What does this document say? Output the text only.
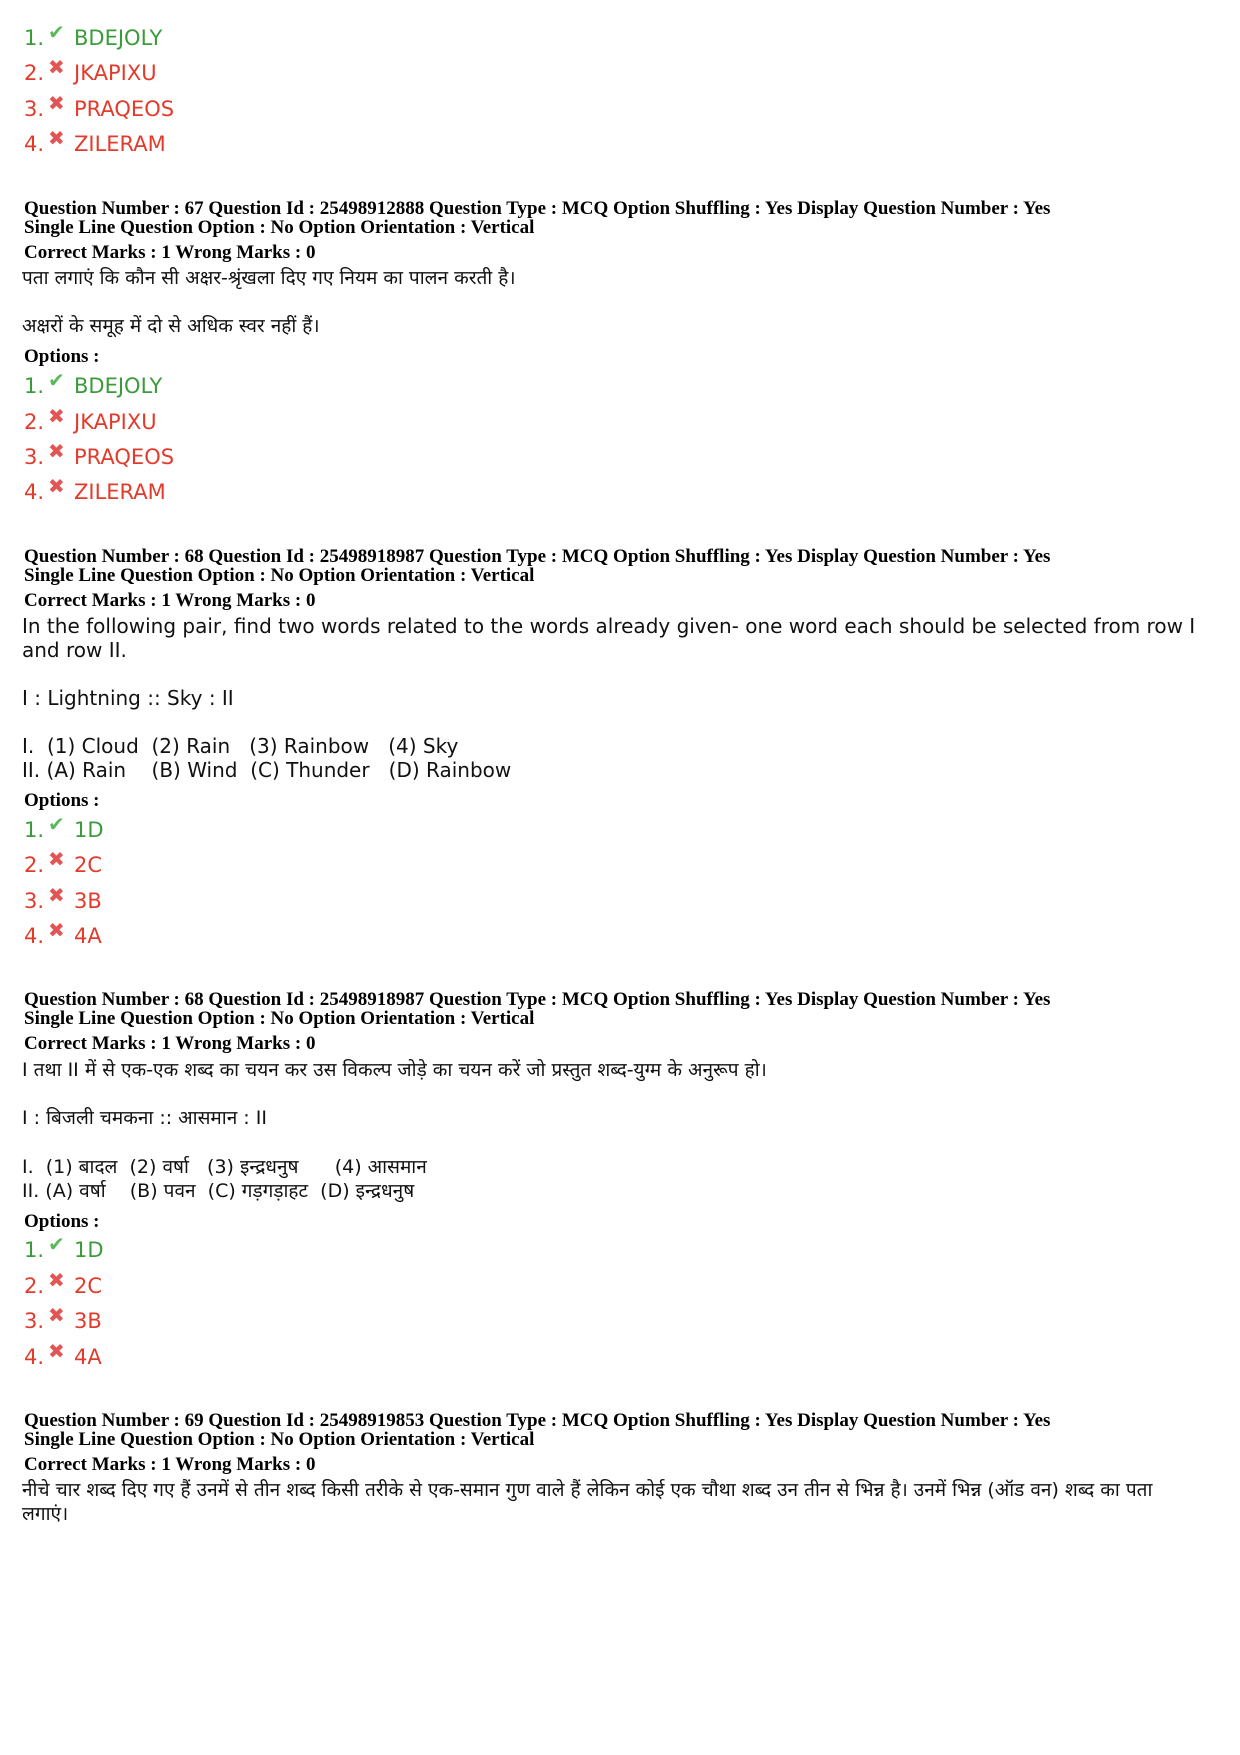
1. ✔ BDEJOLY
2. ✖ JKAPIXU
3. ✖ PRAQEOS
4. ✖ ZILERAM
Question Number : 67 Question Id : 25498912888 Question Type : MCQ Option Shuffling : Yes Display Question Number : Yes
Single Line Question Option : No Option Orientation : Vertical
Correct Marks : 1 Wrong Marks : 0
पता लगाएं कि कौन सी अक्षर-श्रृंखला दिए गए नियम का पालन करती है।
अक्षरों के समूह में दो से अधिक स्वर नहीं हैं।
Options :
1. ✔ BDEJOLY
2. ✖ JKAPIXU
3. ✖ PRAQEOS
4. ✖ ZILERAM
Question Number : 68 Question Id : 25498918987 Question Type : MCQ Option Shuffling : Yes Display Question Number : Yes
Single Line Question Option : No Option Orientation : Vertical
Correct Marks : 1 Wrong Marks : 0
In the following pair, find two words related to the words already given- one word each should be selected from row I and row II.
I : Lightning :: Sky : II
I.  (1) Cloud  (2) Rain   (3) Rainbow   (4) Sky
II. (A) Rain    (B) Wind  (C) Thunder   (D) Rainbow
Options :
1. ✔ 1D
2. ✖ 2C
3. ✖ 3B
4. ✖ 4A
Question Number : 68 Question Id : 25498918987 Question Type : MCQ Option Shuffling : Yes Display Question Number : Yes
Single Line Question Option : No Option Orientation : Vertical
Correct Marks : 1 Wrong Marks : 0
I तथा II में से एक-एक शब्द का चयन कर उस विकल्प जोड़े का चयन करें जो प्रस्तुत शब्द-युग्म के अनुरूप हो।
I : बिजली चमकना :: आसमान : II
I.  (1) बादल  (2) वर्षा   (3) इन्द्रधनुष      (4) आसमान
II. (A) वर्षा    (B) पवन  (C) गड़गड़ाहट  (D) इन्द्रधनुष
Options :
1. ✔ 1D
2. ✖ 2C
3. ✖ 3B
4. ✖ 4A
Question Number : 69 Question Id : 25498919853 Question Type : MCQ Option Shuffling : Yes Display Question Number : Yes
Single Line Question Option : No Option Orientation : Vertical
Correct Marks : 1 Wrong Marks : 0
नीचे चार शब्द दिए गए हैं उनमें से तीन शब्द किसी तरीके से एक-समान गुण वाले हैं लेकिन कोई एक चौथा शब्द उन तीन से भिन्न है। उनमें भिन्न (ऑड वन) शब्द का पता लगाएं।
